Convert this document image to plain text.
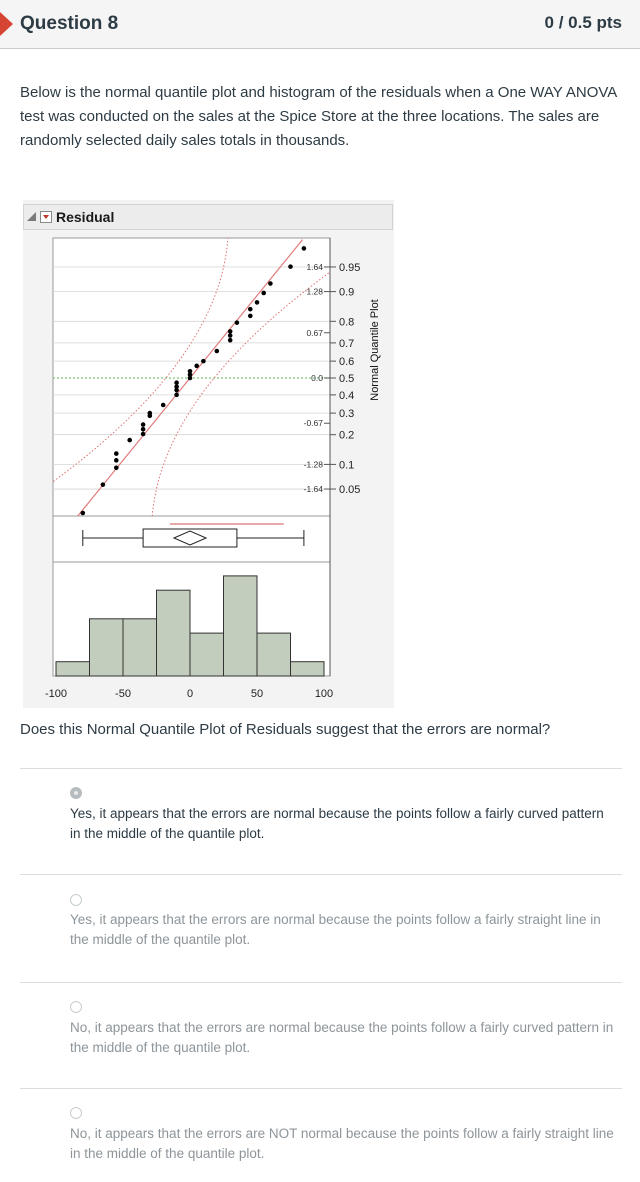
Question 8	0 / 0.5 pts
Below is the normal quantile plot and histogram of the residuals when a One WAY ANOVA test was conducted on the sales at the Spice Store at the three locations. The sales are randomly selected daily sales totals in thousands.
0.95
0.9
0.8
0.7
0.6
0.5
0.4
0.3
0.2
0.1
0.05
1.64
1.28
0.67
0.0
-0.67
-1.28
-1.64
Normal Quantile Plot
-100	-50	0	50	100
Residual
Does this Normal Quantile Plot of Residuals suggest that the errors are normal?
Yes, it appears that the errors are normal because the points follow a fairly curved pattern in the middle of the quantile plot.
Yes, it appears that the errors are normal because the points follow a fairly straight line in the middle of the quantile plot.
No, it appears that the errors are normal because the points follow a fairly curved pattern in the middle of the quantile plot.
No, it appears that the errors are NOT normal because the points follow a fairly straight line in the middle of the quantile plot.
